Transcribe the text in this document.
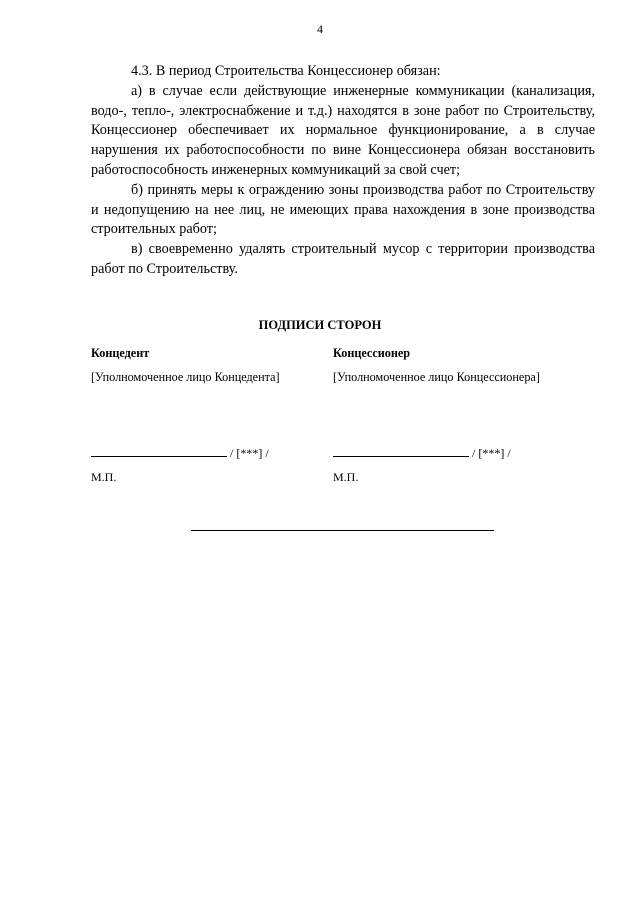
4

4.3. В период Строительства Концессионер обязан:

а) в случае если действующие инженерные коммуникации (канализация, водо-, тепло-, электроснабжение и т.д.) находятся в зоне работ по Строительству, Концессионер обеспечивает их нормальное функционирование, а в случае нарушения их работоспособности по вине Концессионера обязан восстановить работоспособность инженерных коммуникаций за свой счет;

б) принять меры к ограждению зоны производства работ по Строительству и недопущению на нее лиц, не имеющих права нахождения в зоне производства строительных работ;

в) своевременно удалять строительный мусор с территории производства работ по Строительству.

ПОДПИСИ СТОРОН
Концедент
[Уполномоченное лицо Концедента]
Концессионер
[Уполномоченное лицо Концессионера]
/ [***] /	/ [***] /
М.П.	М.П.
